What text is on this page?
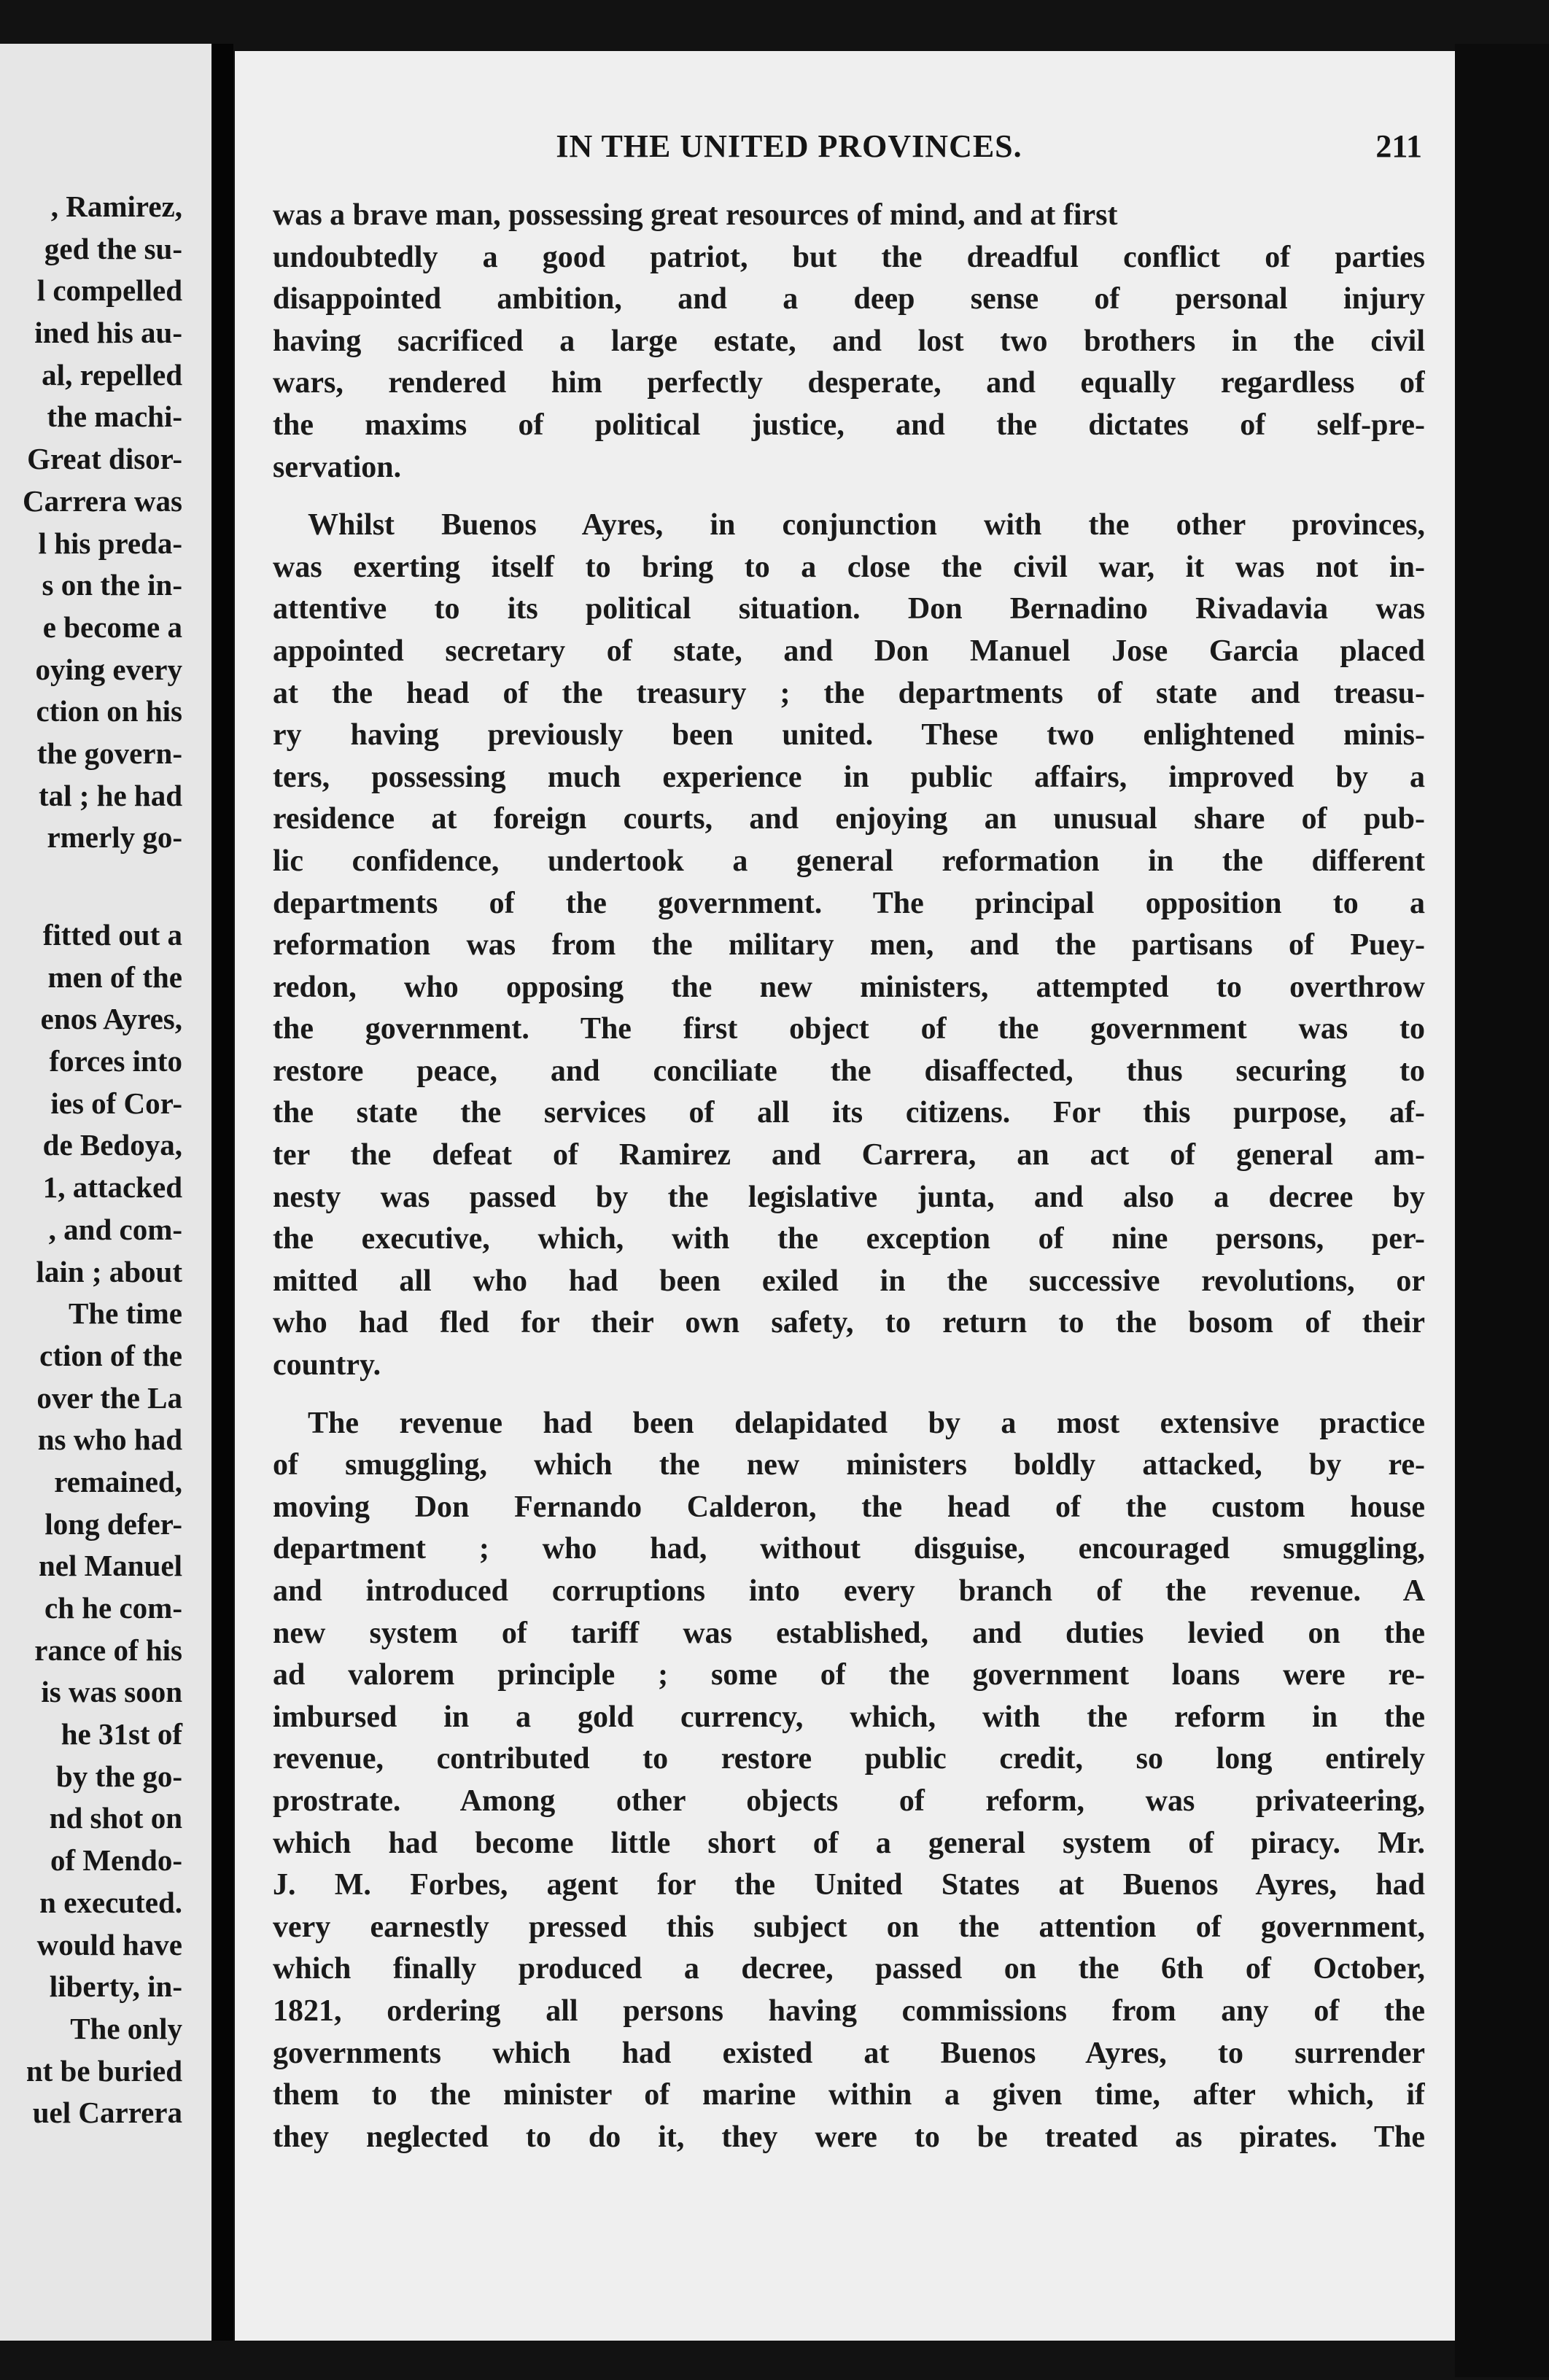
, Ramirez,
ged the su-
l compelled
ined his au-
al, repelled
the machi-
Great disor-
Carrera was
l his preda-
s on the in-
e become a
oying every
ction on his
the govern-
tal ; he had
rmerly go-
fitted out a
men of the
enos Ayres,
forces into
ies of Cor-
de Bedoya,
1, attacked
, and com-
lain ; about
The time
ction of the
over the La
ns who had
remained,
long defer-
nel Manuel
ch he com-
rance of his
is was soon
he 31st of
by the go-
nd shot on
of Mendo-
n executed.
would have
liberty, in-
The only
nt be buried
uel Carrera
IN THE UNITED PROVINCES.	211
was a brave man, possessing great resources of mind, and at first
undoubtedly a good patriot, but the dreadful conflict of parties
disappointed ambition, and a deep sense of personal injury
having sacrificed a large estate, and lost two brothers in the civil
wars, rendered him perfectly desperate, and equally regardless of
the maxims of political justice, and the dictates of self-pre-
servation.
Whilst Buenos Ayres, in conjunction with the other provinces,
was exerting itself to bring to a close the civil war, it was not in-
attentive to its political situation. Don Bernadino Rivadavia was
appointed secretary of state, and Don Manuel Jose Garcia placed
at the head of the treasury ; the departments of state and treasu-
ry having previously been united. These two enlightened minis-
ters, possessing much experience in public affairs, improved by a
residence at foreign courts, and enjoying an unusual share of pub-
lic confidence, undertook a general reformation in the different
departments of the government. The principal opposition to a
reformation was from the military men, and the partisans of Puey-
redon, who opposing the new ministers, attempted to overthrow
the government. The first object of the government was to
restore peace, and conciliate the disaffected, thus securing to
the state the services of all its citizens. For this purpose, af-
ter the defeat of Ramirez and Carrera, an act of general am-
nesty was passed by the legislative junta, and also a decree by
the executive, which, with the exception of nine persons, per-
mitted all who had been exiled in the successive revolutions, or
who had fled for their own safety, to return to the bosom of their
country.
The revenue had been delapidated by a most extensive practice
of smuggling, which the new ministers boldly attacked, by re-
moving Don Fernando Calderon, the head of the custom house
department ; who had, without disguise, encouraged smuggling,
and introduced corruptions into every branch of the revenue. A
new system of tariff was established, and duties levied on the
ad valorem principle ; some of the government loans were re-
imbursed in a gold currency, which, with the reform in the
revenue, contributed to restore public credit, so long entirely
prostrate. Among other objects of reform, was privateering,
which had become little short of a general system of piracy. Mr.
J. M. Forbes, agent for the United States at Buenos Ayres, had
very earnestly pressed this subject on the attention of government,
which finally produced a decree, passed on the 6th of October,
1821, ordering all persons having commissions from any of the
governments which had existed at Buenos Ayres, to surrender
them to the minister of marine within a given time, after which, if
they neglected to do it, they were to be treated as pirates. The
